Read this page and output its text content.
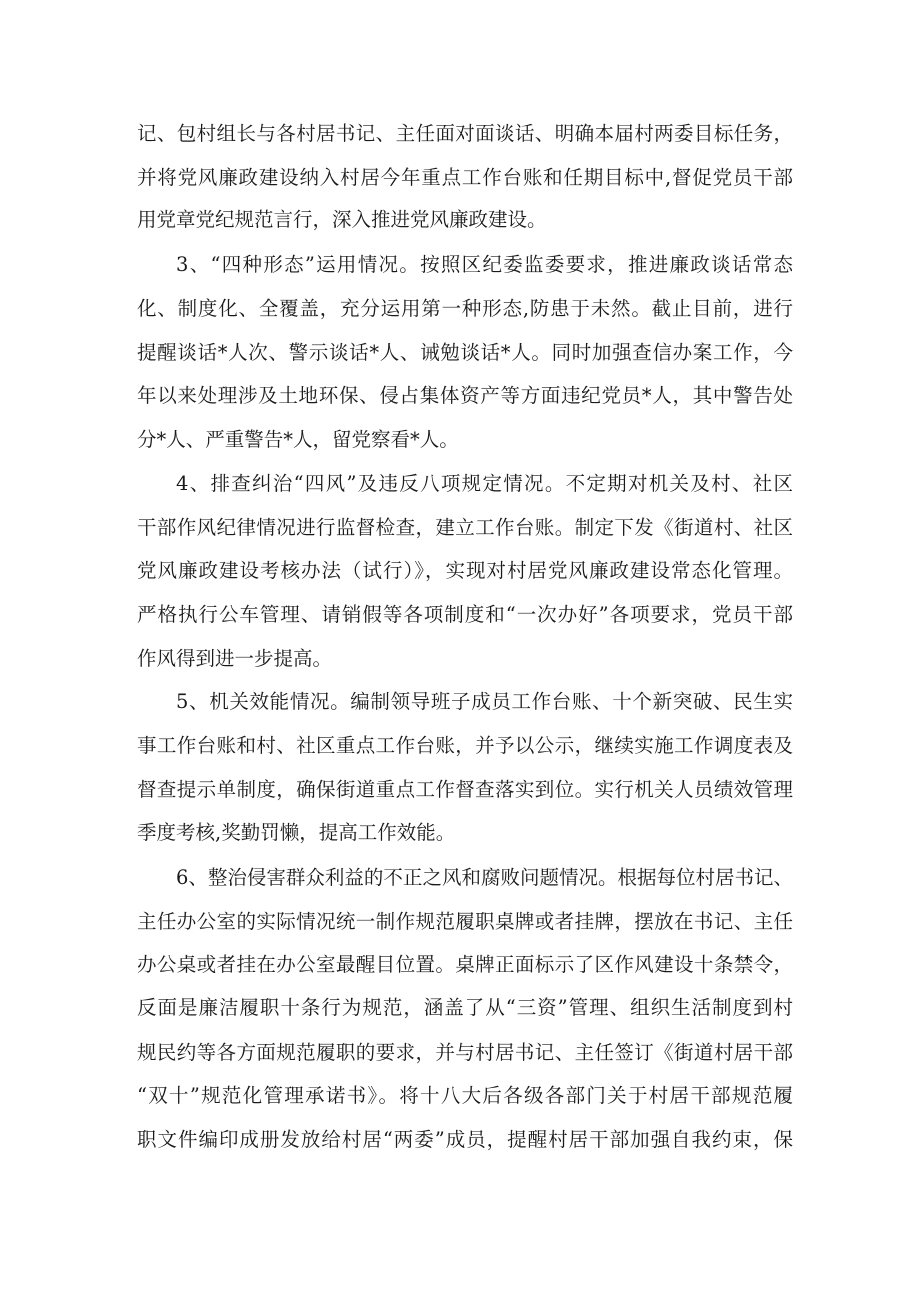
记、包村组长与各村居书记、主任面对面谈话、明确本届村两委目标任务，
并将党风廉政建设纳入村居今年重点工作台账和任期目标中,督促党员干部
用党章党纪规范言行，深入推进党风廉政建设。
3、“四种形态”运用情况。按照区纪委监委要求，推进廉政谈话常态
化、制度化、全覆盖，充分运用第一种形态,防患于未然。截止目前，进行
提醒谈话*人次、警示谈话*人、诫勉谈话*人。同时加强查信办案工作，今
年以来处理涉及土地环保、侵占集体资产等方面违纪党员*人，其中警告处
分*人、严重警告*人，留党察看*人。
4、排查纠治“四风”及违反八项规定情况。不定期对机关及村、社区
干部作风纪律情况进行监督检查，建立工作台账。制定下发《街道村、社区
党风廉政建设考核办法（试行）》，实现对村居党风廉政建设常态化管理。
严格执行公车管理、请销假等各项制度和“一次办好”各项要求，党员干部
作风得到进一步提高。
5、机关效能情况。编制领导班子成员工作台账、十个新突破、民生实
事工作台账和村、社区重点工作台账，并予以公示，继续实施工作调度表及
督查提示单制度，确保街道重点工作督查落实到位。实行机关人员绩效管理
季度考核,奖勤罚懒，提高工作效能。
6、整治侵害群众利益的不正之风和腐败问题情况。根据每位村居书记、
主任办公室的实际情况统一制作规范履职桌牌或者挂牌，摆放在书记、主任
办公桌或者挂在办公室最醒目位置。桌牌正面标示了区作风建设十条禁令，
反面是廉洁履职十条行为规范，涵盖了从“三资”管理、组织生活制度到村
规民约等各方面规范履职的要求，并与村居书记、主任签订《街道村居干部
“双十”规范化管理承诺书》。将十八大后各级各部门关于村居干部规范履
职文件编印成册发放给村居“两委”成员，提醒村居干部加强自我约束，保
